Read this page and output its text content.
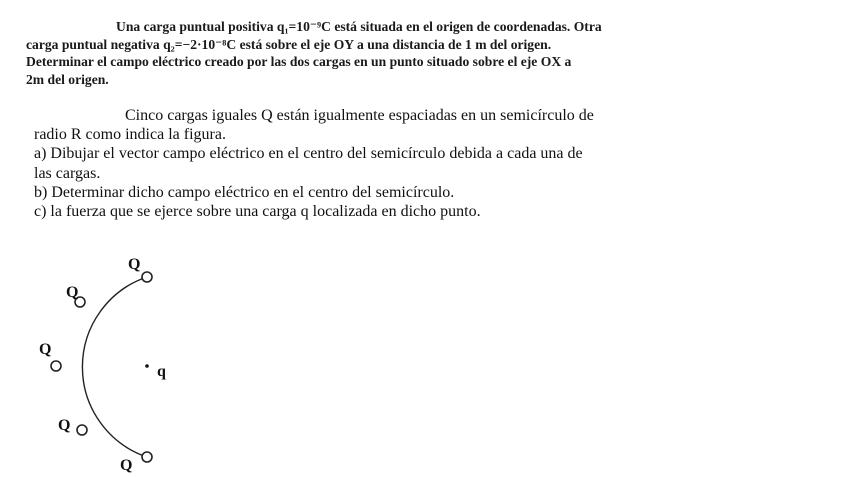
Una carga puntual positiva q₁=10⁻⁹C está situada en el origen de coordenadas. Otra
carga puntual negativa q₂=−2·10⁻⁸C está sobre el eje OY a una distancia de 1 m del origen.
Determinar el campo eléctrico creado por las dos cargas en un punto situado sobre el eje OX a
2m del origen.
Cinco cargas iguales Q están igualmente espaciadas en un semicírculo de
radio R como indica la figura.
a) Dibujar el vector campo eléctrico en el centro del semicírculo debida a cada una de
las cargas.
b) Determinar dicho campo eléctrico en el centro del semicírculo.
c) la fuerza que se ejerce sobre una carga q localizada en dicho punto.
Q
Q
Q
Q
Q
q
